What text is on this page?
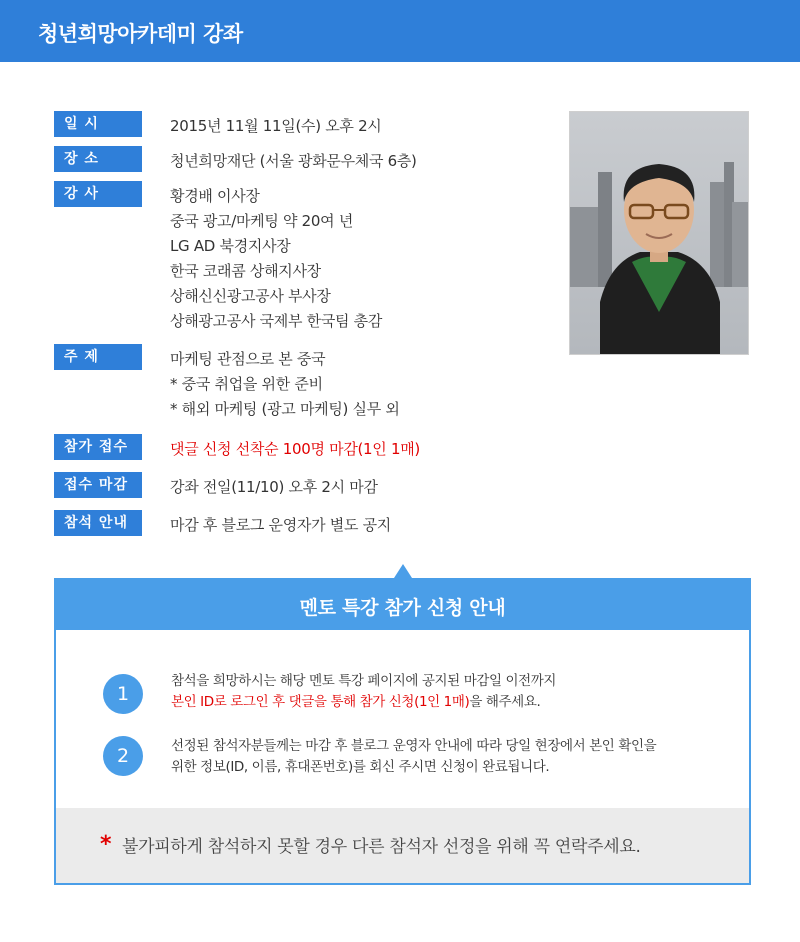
청년희망아카데미 강좌
일 시	2015년 11월 11일(수) 오후 2시
장 소	청년희망재단 (서울 광화문우체국 6층)
강 사	황경배 이사장
중국 광고/마케팅 약 20여 년
LG AD 북경지사장
한국 코래콤 상해지사장
상해신신광고공사 부사장
상해광고공사 국제부 한국팀 총감
주 제	마케팅 관점으로 본 중국
* 중국 취업을 위한 준비
* 해외 마케팅 (광고 마케팅) 실무 외
참가 접수	댓글 신청 선착순 100명 마감(1인 1매)
접수 마감	강좌 전일(11/10) 오후 2시 마감
참석 안내	마감 후 블로그 운영자가 별도 공지
멘토 특강 참가 신청 안내
1
참석을 희망하시는 해당 멘토 특강 페이지에 공지된 마감일 이전까지
본인 ID로 로그인 후 댓글을 통해 참가 신청(1인 1매)을 해주세요.
2	선정된 참석자분들께는 마감 후 블로그 운영자 안내에 따라 당일 현장에서 본인 확인을
위한 정보(ID, 이름, 휴대폰번호)를 회신 주시면 신청이 완료됩니다.
* 불가피하게 참석하지 못할 경우 다른 참석자 선정을 위해 꼭 연락주세요.
